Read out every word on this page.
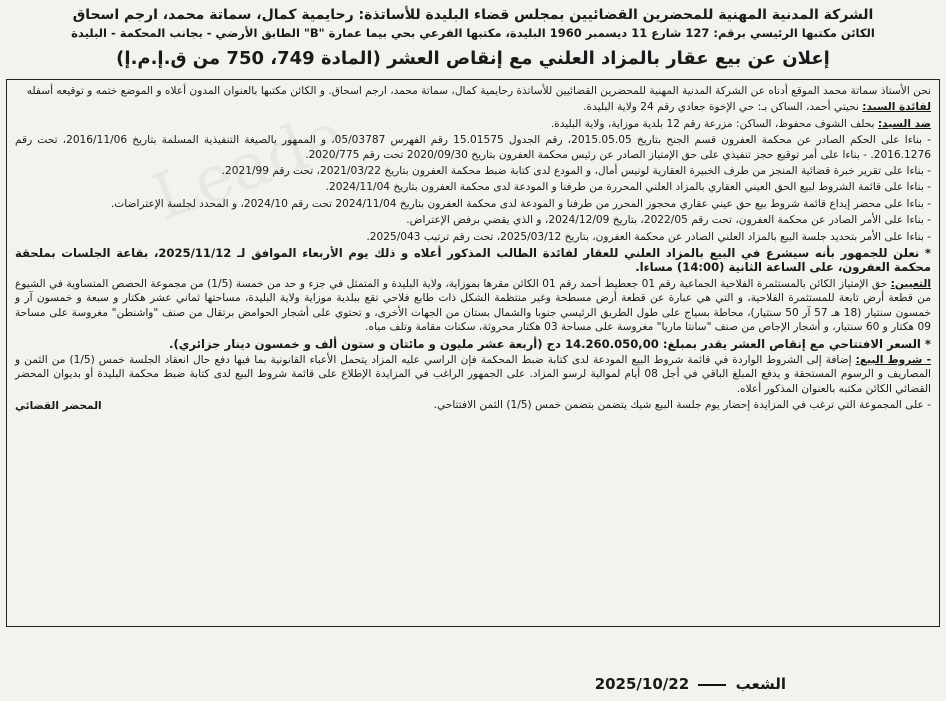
الشركة المدنية المهنية للمحضرين القضائيين بمجلس قضاء البليدة للأساتذة: رحايمية كمال، سماتة محمد، ارجم اسحاق
الكائن مكتبها الرئيسي برقم: 127 شارع 11 ديسمبر 1960 البليدة، مكتبها الفرعي بحي بيما عمارة "B" الطابق الأرضي - بجانب المحكمة - البليدة
إعلان عن بيع عقار بالمزاد العلني مع إنقاص العشر (المادة 749، 750 من ق.إ.م.إ)

نحن الأستاذ سماتة محمد الموقع أدناه عن الشركة المدنية المهنية للمحضرين القضائيين للأساتذة رحايمية كمال، سماتة محمد، ارجم اسحاق. و الكائن مكتبها بالعنوان المدون أعلاه و الموضع ختمه و توقيعه أسفله

لفائدة السيد: نحيتي أحمد، الساكن بـ: حي الإخوة جعادي رقم 24 ولاية البليدة.

ضد السيد: بحلف الشوف محفوظ، الساكن: مزرعة رقم 12 بلدية موزاية، ولاية البليدة.

- بناءا على الحكم الصادر عن محكمة العفرون قسم الجنح بتاريخ 2015.05.05، رقم الجدول 15.01575 رقم الفهرس 05/03787، و الممهور بالصيغة التنفيذية المسلمة بتاريخ 2016/11/06، تحت رقم 2016.1276. - بناءا على أمر توقيع حجز تنفيذي على حق الإمتياز الصادر عن رئيس محكمة العفرون بتاريخ 2020/09/30 تحت رقم 2020/775.

- بناءا على تقرير خبرة قضائية المنجز من طرف الخبيرة العقارية لونيس أمال، و المودع لدى كتابة ضبط محكمة العفرون بتاريخ 2021/03/22، تحت رقم 2021/99.

- بناءا على قائمة الشروط لبيع الحق العيني العقاري بالمزاد العلني المحررة من طرفنا و المودعة لدى محكمة العفرون بتاريخ 2024/11/04.

- بناءا على محضر إيداع قائمة شروط بيع حق عيني عقاري محجوز المحرر من طرفنا و المودعة لدى محكمة العفرون بتاريخ 2024/11/04 تحت رقم 2024/10، و المحدد لجلسة الإعتراضات.

- بناءا على الأمر الصادر عن محكمة العفرون، تحت رقم 2022/05، بتاريخ 2024/12/09، و الذي يقضي برفض الإعتراض.

- بناءا على الأمر بتحديد جلسة البيع بالمزاد العلني الصادر عن محكمة العفرون، بتاريخ 2025/03/12، تحت رقم ترتيب 2025/043.

* نعلن للجمهور بأنه سيشرع في البيع بالمزاد العلني للعقار لفائدة الطالب المذكور أعلاه و ذلك يوم الأربعاء الموافق لـ 2025/11/12، بقاعة الجلسات بملحقة محكمة العفرون، على الساعة الثانية (14:00) مساءا.

التعيين: حق الإمتياز الكائن بالمستثمرة الفلاحية الجماعية رقم 01 جعطيط أحمد رقم 01 الكائن مقرها بموزاية، ولاية البليدة و المتمثل في جزء و حد من خمسة (1/5) من مجموعة الحصص المتساوية في الشيوع من قطعة أرض تابعة للمستثمرة الفلاحية، و التي هي عبارة عن قطعة أرض مسطحة وغير منتظمة الشكل ذات طابع فلاحي تقع ببلدية موزاية ولاية البليدة، مساحتها ثماني عشر هكتار و سبعة و خمسون آر و خمسون سنتيار (18 هـ 57 آر 50 سنتيار)، محاطة بسياج على طول الطريق الرئيسي جنوبا والشمال بستان من الجهات الأخرى، و تحتوي على أشجار الحوامض برتقال من صنف "واشنطن" مغروسة على مساحة 09 هكتار و 60 سنتيار، و أشجار الإجاص من صنف "سانتا ماريا" مغروسة على مساحة 03 هكتار محروثة، سكنات مقامة وتلف مياه.

* السعر الافتتاحي مع إنقاص العشر يقدر بمبلغ: 14.260.050,00 دج (أربعة عشر مليون و مائتان و ستون ألف و خمسون دينار جزائري).

- شروط البيع: إضافة إلى الشروط الواردة في قائمة شروط البيع المودعة لدى كتابة ضبط المحكمة فإن الراسي عليه المزاد يتحمل الأعباء القانونية بما فيها دفع حال انعقاد الجلسة خمس (1/5) من الثمن و المصاريف و الرسوم المستحقة و يدفع المبلغ الباقي في أجل 08 أيام لموالية لرسو المزاد. على الجمهور الراغب في المزايدة الإطلاع على قائمة شروط البيع لدى كتابة ضبط محكمة البليدة أو بديوان المحضر القضائي الكائن مكتبه بالعنوان المذكور أعلاه.

- على المجموعة التي ترغب في المزايدة إحضار يوم جلسة البيع شيك يتضمن بتضمن خمس (1/5) الثمن الافتتاحي.

المحضر القضائي
الشعب  2025/10/22
